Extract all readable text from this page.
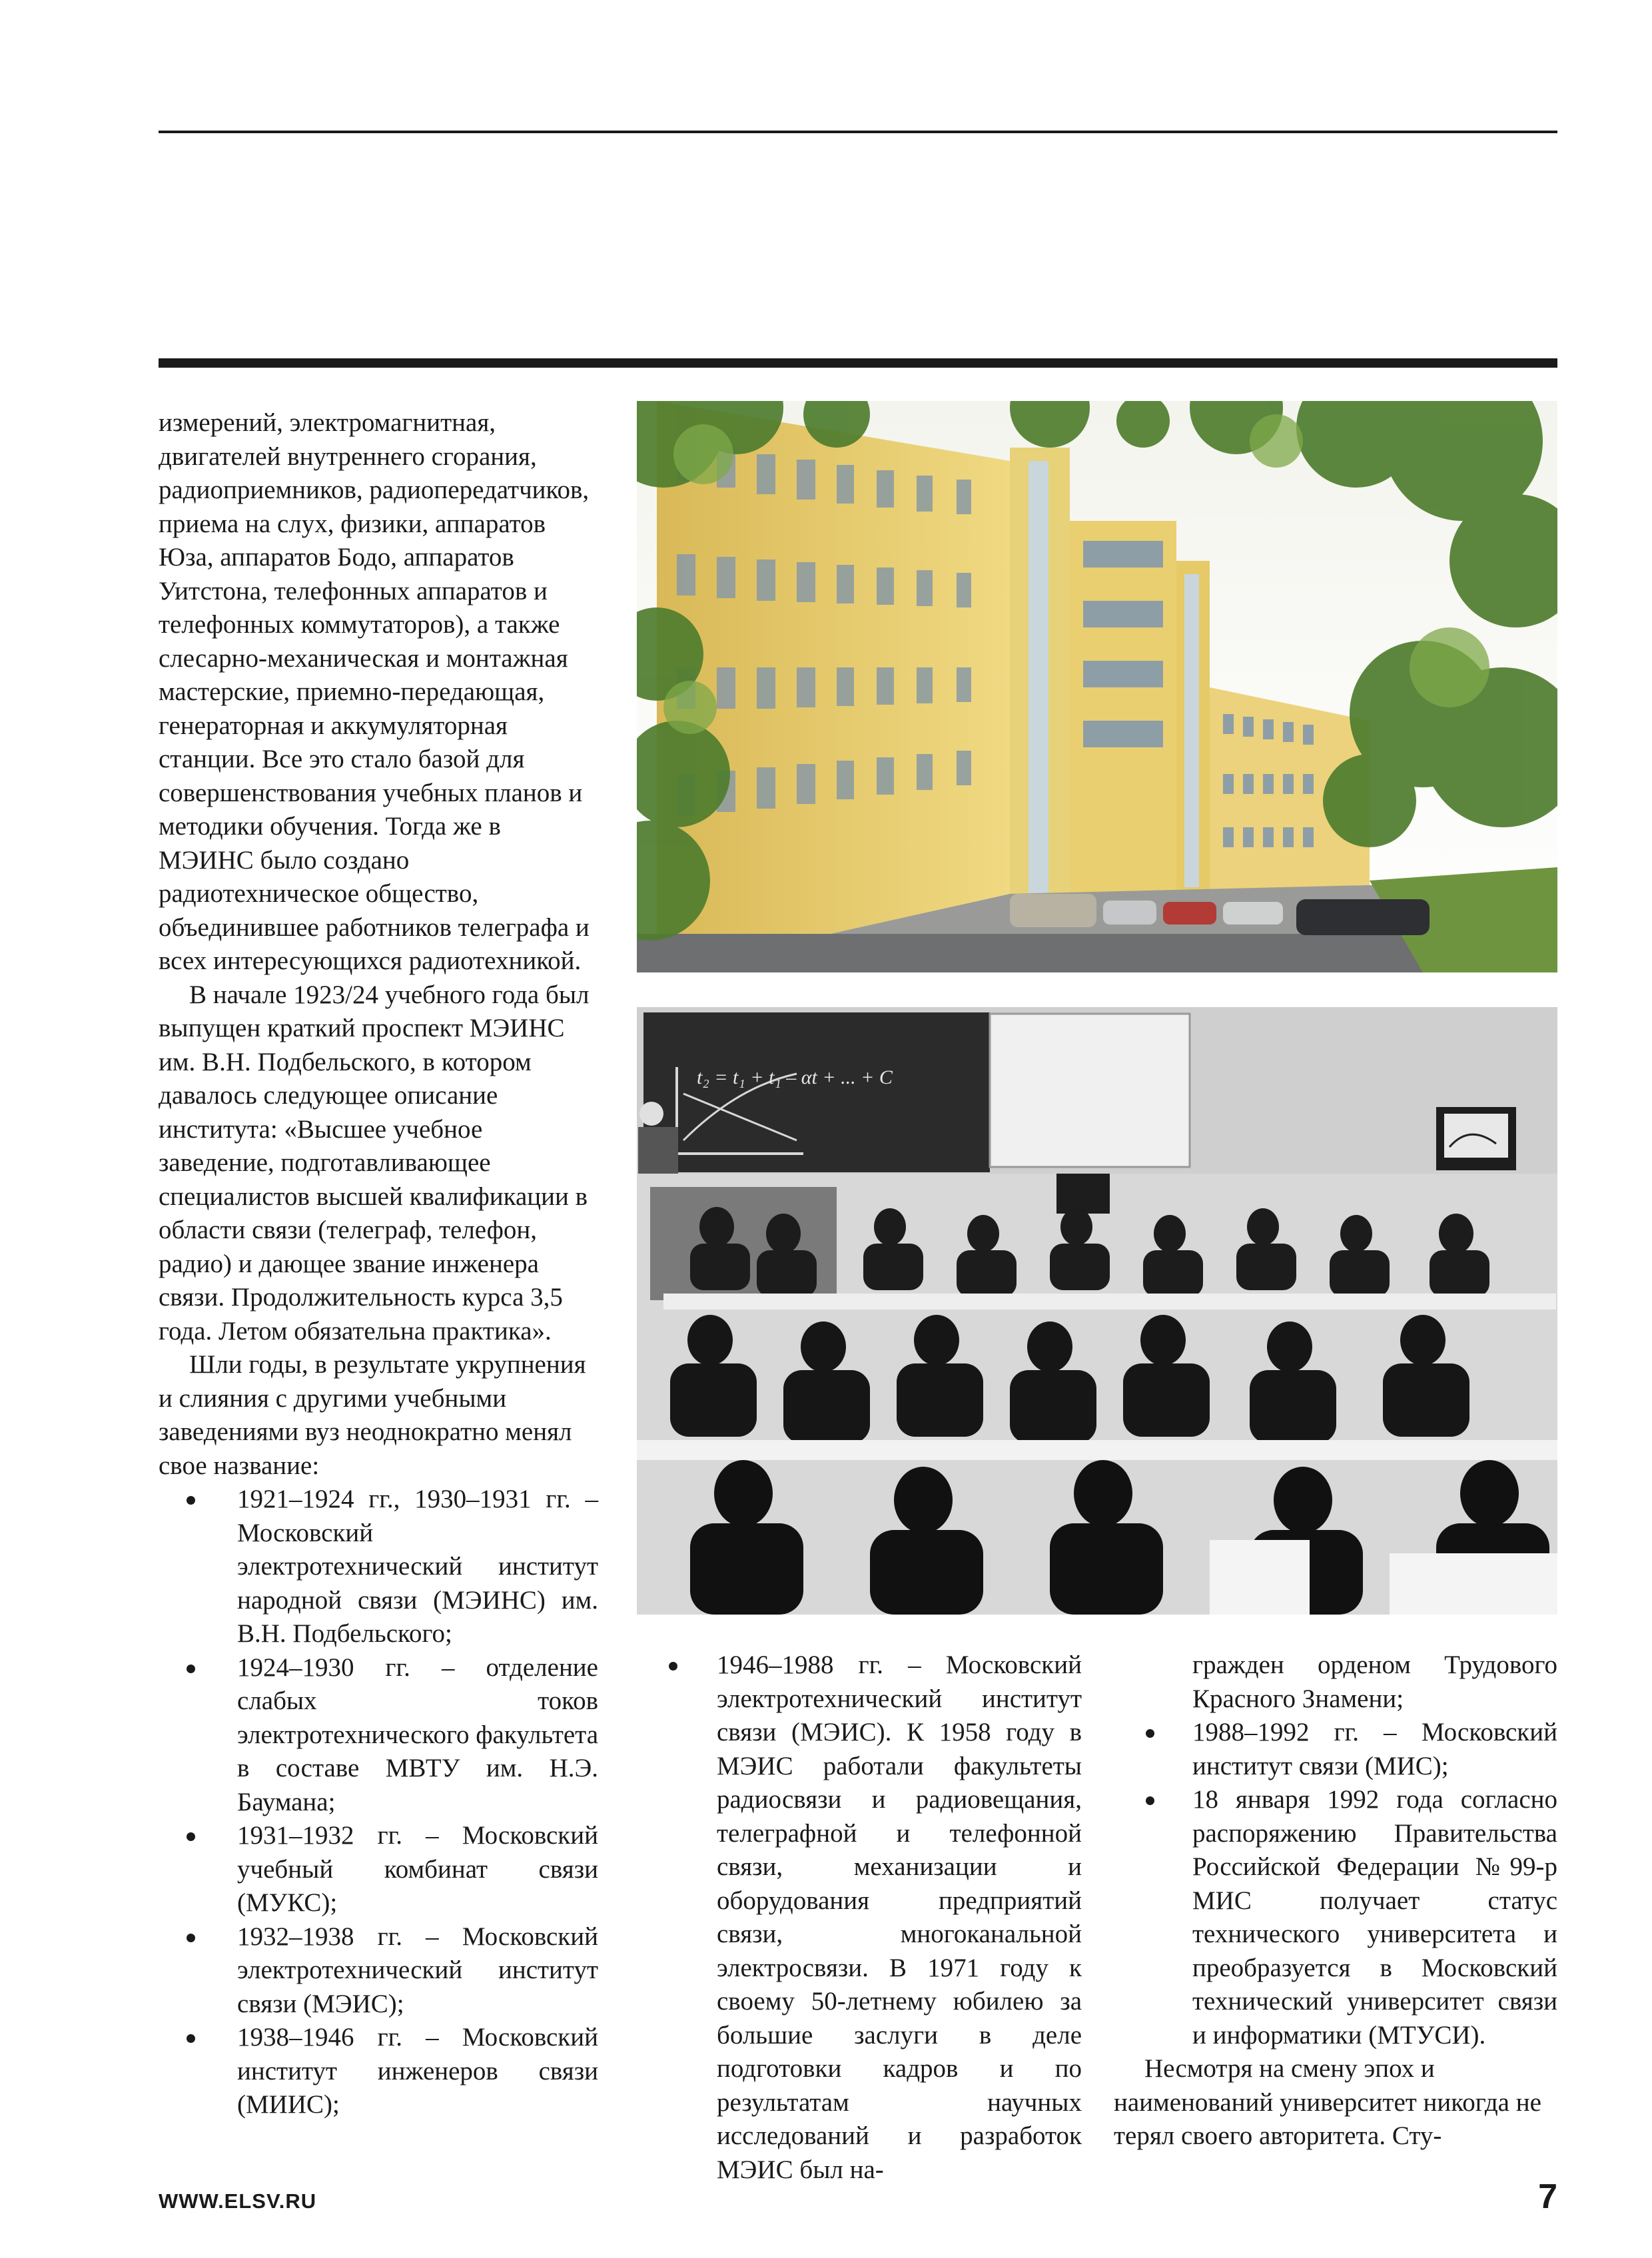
измерений, электромагнитная, двигателей внутреннего сгорания, радиоприемников, радиопередатчиков, приема на слух, физики, аппаратов Юза, аппаратов Бодо, аппаратов Уитстона, телефонных аппаратов и телефонных коммутаторов), а также слесарно-механическая и монтажная мастерские, приемно-передающая, генераторная и аккумуляторная станции. Все это стало базой для совершенствования учебных планов и методики обучения. Тогда же в МЭИНС было создано радиотехническое общество, объединившее работников телеграфа и всех интересующихся радиотехникой.

В начале 1923/24 учебного года был выпущен краткий проспект МЭИНС им. В.Н. Подбельского, в котором давалось следующее описание института: «Высшее учебное заведение, подготавливающее специалистов высшей квалификации в области связи (телеграф, телефон, радио) и дающее звание инженера связи. Продолжительность курса 3,5 года. Летом обязательна практика».

Шли годы, в результате укрупнения и слияния с другими учебными заведениями вуз неоднократно менял свое название:

1921–1924 гг., 1930–1931 гг. – Московский электротехнический институт народной связи (МЭИНС) им. В.Н. Подбельского;
1924–1930 гг. – отделение слабых токов электротехнического факультета в составе МВТУ им. Н.Э. Баумана;
1931–1932 гг. – Московский учебный комбинат связи (МУКС);
1932–1938 гг. – Московский электротехнический институт связи (МЭИС);
1938–1946 гг. – Московский институт инженеров связи (МИИС);
t₂ = t₁ + t₁ – αt + ... + C
1946–1988 гг. – Московский электротехнический институт связи (МЭИС). К 1958 году в МЭИС работали факультеты радиосвязи и радиовещания, телеграфной и телефонной связи, механизации и оборудования предприятий связи, многоканальной электросвязи. В 1971 году к своему 50-летнему юбилею за большие заслуги в деле подготовки кадров и по результатам научных исследований и разработок МЭИС был на-

гражден орденом Трудового Красного Знамени;

1988–1992 гг. – Московский институт связи (МИС);
18 января 1992 года согласно распоряжению Правительства Российской Федерации №99-р МИС получает статус технического университета и преобразуется в Московский технический университет связи и информатики (МТУСИ).

Несмотря на смену эпох и наименований университет никогда не терял своего авторитета. Сту-

WWW.ELSV.RU	7
